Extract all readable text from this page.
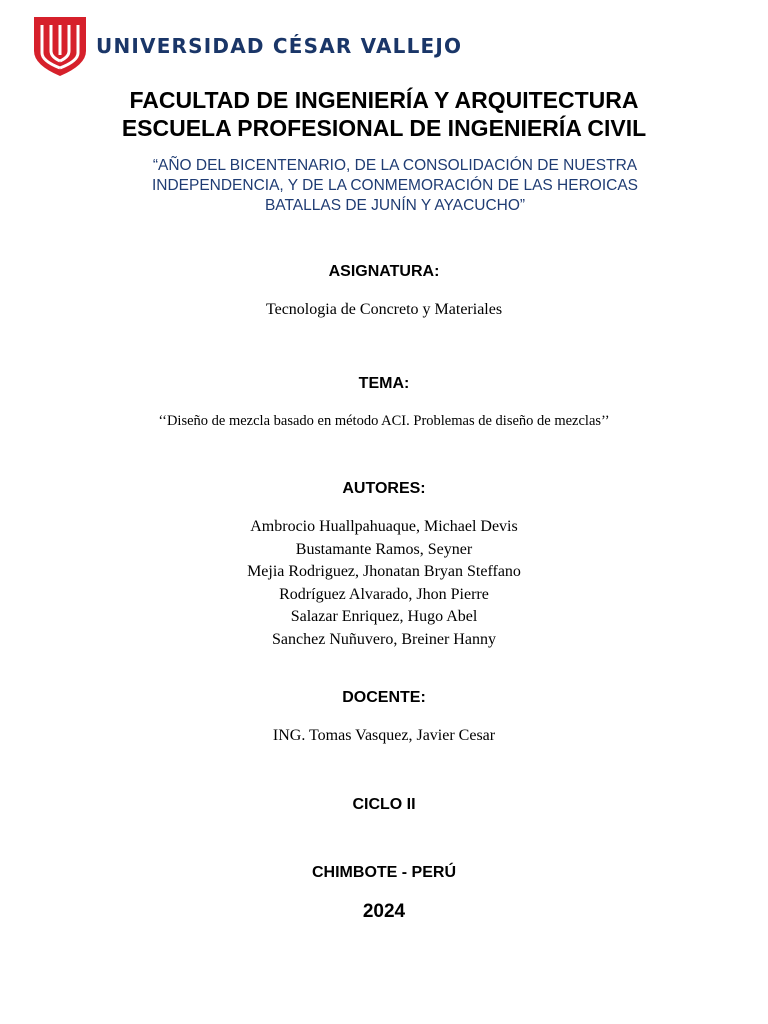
UNIVERSIDAD CÉSAR VALLEJO
FACULTAD DE INGENIERÍA Y ARQUITECTURA
ESCUELA PROFESIONAL DE INGENIERÍA CIVIL
“AÑO DEL BICENTENARIO, DE LA CONSOLIDACIÓN DE NUESTRA
INDEPENDENCIA, Y DE LA CONMEMORACIÓN DE LAS HEROICAS
BATALLAS DE JUNÍN Y AYACUCHO”
ASIGNATURA:
Tecnologia de Concreto y Materiales
TEMA:
‘‘Diseño de mezcla basado en método ACI. Problemas de diseño de mezclas’’
AUTORES:
Ambrocio Huallpahuaque, Michael Devis
Bustamante Ramos, Seyner
Mejia Rodriguez, Jhonatan Bryan Steffano
Rodríguez Alvarado, Jhon Pierre
Salazar Enriquez, Hugo Abel
Sanchez Nuñuvero, Breiner Hanny
DOCENTE:
ING. Tomas Vasquez, Javier Cesar
CICLO II
CHIMBOTE - PERÚ
2024
